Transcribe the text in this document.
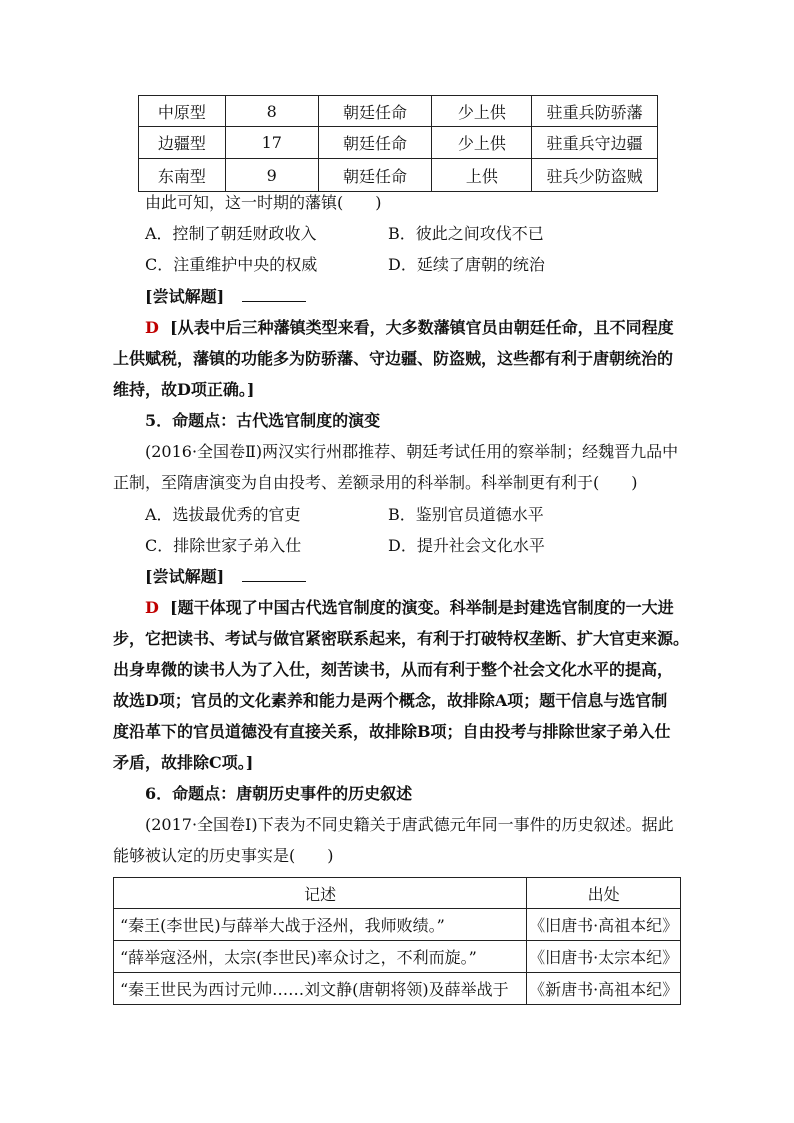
中原型	8	朝廷任命	少上供	驻重兵防骄藩
边疆型	17	朝廷任命	少上供	驻重兵守边疆
东南型	9	朝廷任命	上供	驻兵少防盗贼
由此可知，这一时期的藩镇(　　)
A．控制了朝廷财政收入	B．彼此之间攻伐不已
C．注重维护中央的权威	D．延续了唐朝的统治
[尝试解题]
D [从表中后三种藩镇类型来看，大多数藩镇官员由朝廷任命，且不同程度
上供赋税，藩镇的功能多为防骄藩、守边疆、防盗贼，这些都有利于唐朝统治的
维持，故D项正确。]
5．命题点：古代选官制度的演变
(2016·全国卷Ⅱ)两汉实行州郡推荐、朝廷考试任用的察举制；经魏晋九品中
正制，至隋唐演变为自由投考、差额录用的科举制。科举制更有利于(　　)
A．选拔最优秀的官吏	B．鉴别官员道德水平
C．排除世家子弟入仕	D．提升社会文化水平
[尝试解题]
D [题干体现了中国古代选官制度的演变。科举制是封建选官制度的一大进
步，它把读书、考试与做官紧密联系起来，有利于打破特权垄断、扩大官吏来源。
出身卑微的读书人为了入仕，刻苦读书，从而有利于整个社会文化水平的提高，
故选D项；官员的文化素养和能力是两个概念，故排除A项；题干信息与选官制
度沿革下的官员道德没有直接关系，故排除B项；自由投考与排除世家子弟入仕
矛盾，故排除C项。]
6．命题点：唐朝历史事件的历史叙述
(2017·全国卷Ⅰ)下表为不同史籍关于唐武德元年同一事件的历史叙述。据此
能够被认定的历史事实是(　　)
记述	出处
“秦王(李世民)与薛举大战于泾州，我师败绩。”	《旧唐书·高祖本纪》
“薛举寇泾州，太宗(李世民)率众讨之，不利而旋。”	《旧唐书·太宗本纪》
“秦王世民为西讨元帅……刘文静(唐朝将领)及薛举战于	《新唐书·高祖本纪》
